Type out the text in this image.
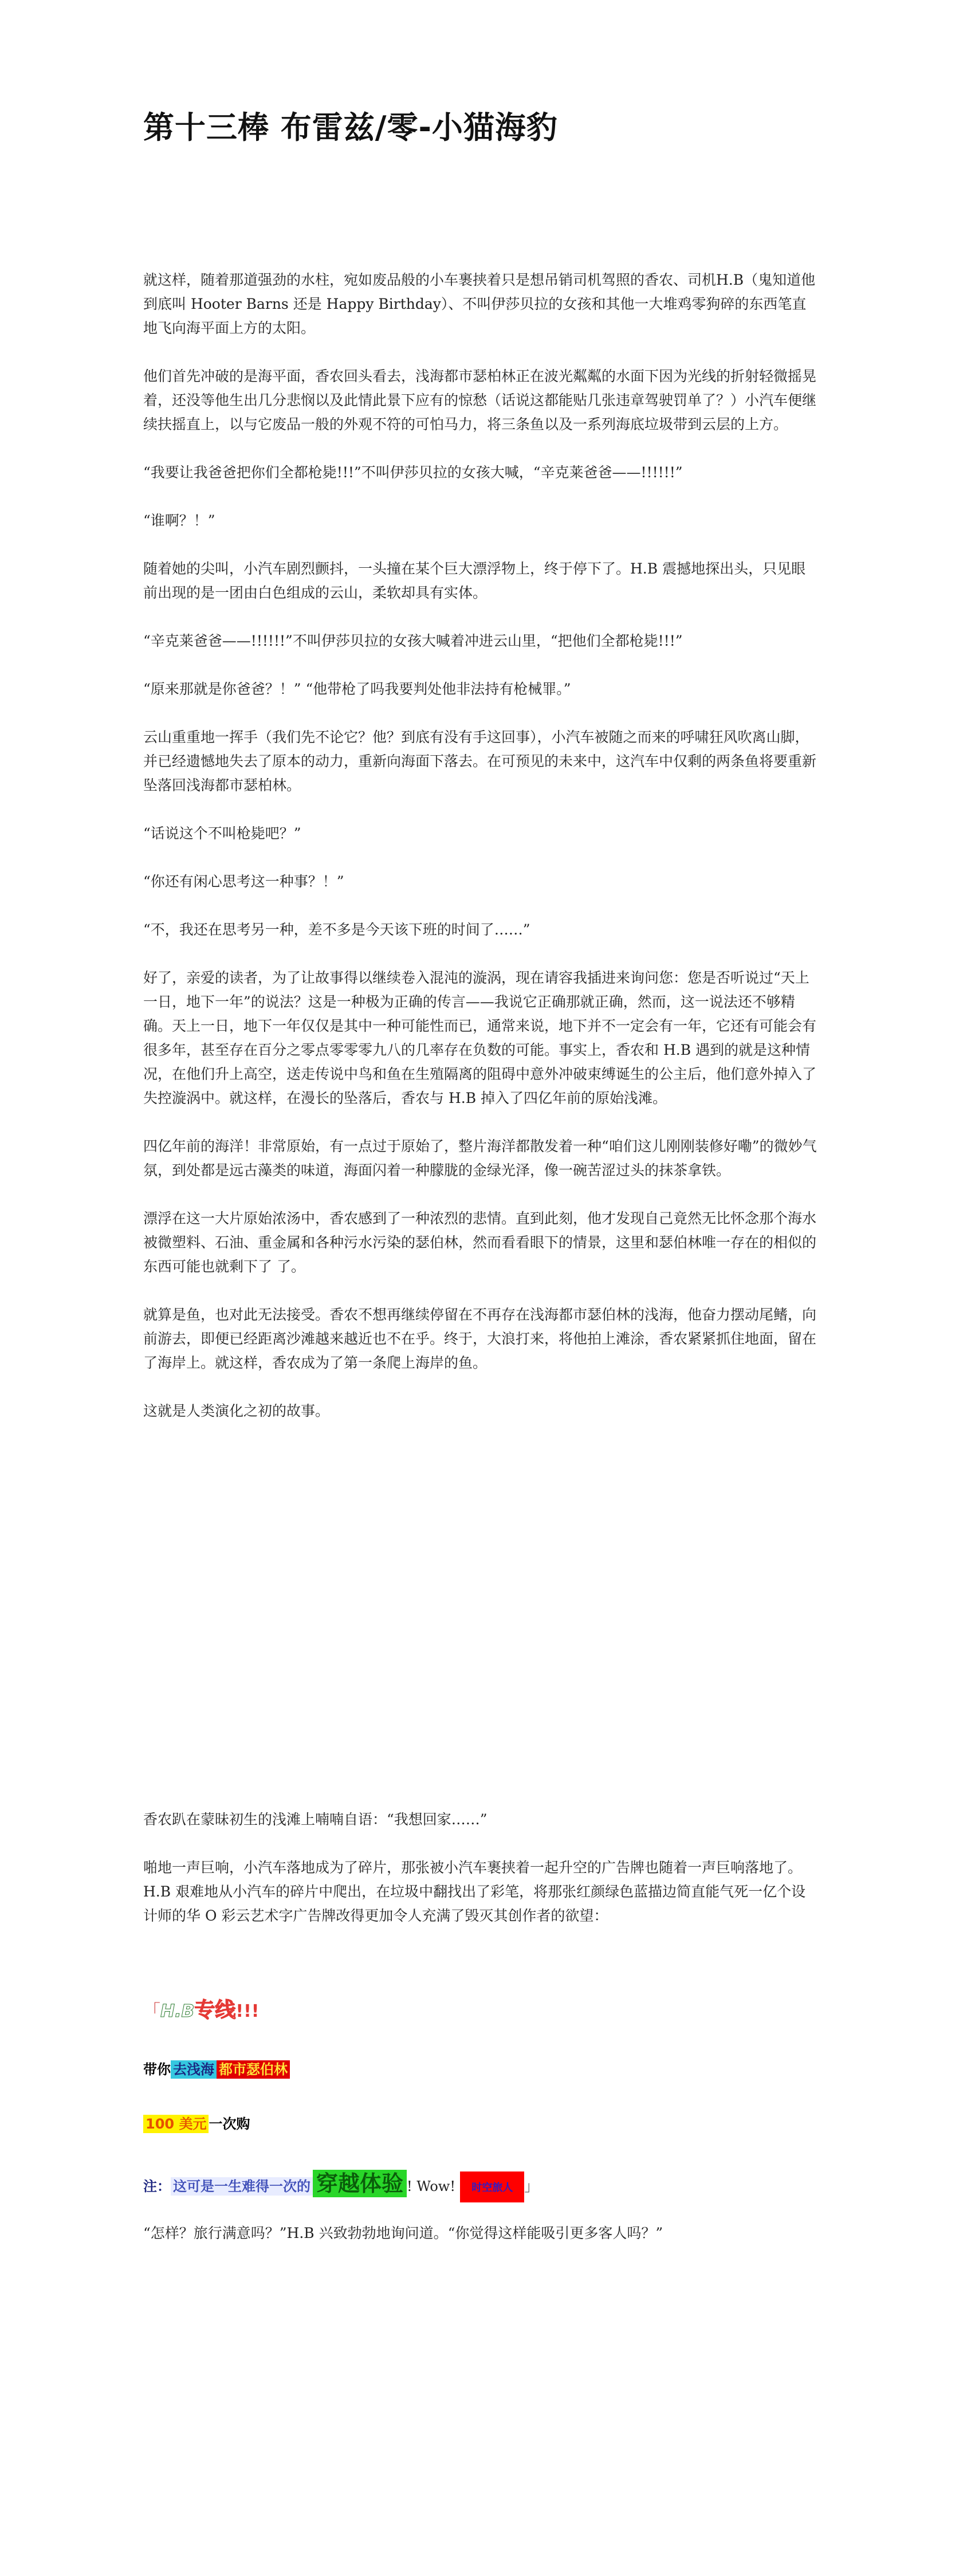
第十三棒 布雷兹/零-小猫海豹

就这样，随着那道强劲的水柱，宛如废品般的小车裹挟着只是想吊销司机驾照的香农、司机H.B（鬼知道他到底叫 Hooter Barns 还是 Happy Birthday）、不叫伊莎贝拉的女孩和其他一大堆鸡零狗碎的东西笔直地飞向海平面上方的太阳。

他们首先冲破的是海平面，香农回头看去，浅海都市瑟柏林正在波光粼粼的水面下因为光线的折射轻微摇晃着，还没等他生出几分悲悯以及此情此景下应有的惊愁（话说这都能贴几张违章驾驶罚单了？）小汽车便继续扶摇直上，以与它废品一般的外观不符的可怕马力，将三条鱼以及一系列海底垃圾带到云层的上方。

“我要让我爸爸把你们全都枪毙!!!”不叫伊莎贝拉的女孩大喊，“辛克莱爸爸——!!!!!!”

“谁啊？！”

随着她的尖叫，小汽车剧烈颤抖，一头撞在某个巨大漂浮物上，终于停下了。H.B 震撼地探出头，只见眼前出现的是一团由白色组成的云山，柔软却具有实体。

“辛克莱爸爸——!!!!!!”不叫伊莎贝拉的女孩大喊着冲进云山里，“把他们全都枪毙!!!”

“原来那就是你爸爸？！” “他带枪了吗我要判处他非法持有枪械罪。”

云山重重地一挥手（我们先不论它？他？到底有没有手这回事），小汽车被随之而来的呼啸狂风吹离山脚，并已经遗憾地失去了原本的动力，重新向海面下落去。在可预见的未来中，这汽车中仅剩的两条鱼将要重新坠落回浅海都市瑟柏林。

“话说这个不叫枪毙吧？”

“你还有闲心思考这一种事？！”

“不，我还在思考另一种，差不多是今天该下班的时间了……”

好了，亲爱的读者，为了让故事得以继续卷入混沌的漩涡，现在请容我插进来询问您：您是否听说过“天上一日，地下一年”的说法？这是一种极为正确的传言——我说它正确那就正确，然而，这一说法还不够精确。天上一日，地下一年仅仅是其中一种可能性而已，通常来说，地下并不一定会有一年，它还有可能会有很多年，甚至存在百分之零点零零零九八的几率存在负数的可能。事实上，香农和 H.B 遇到的就是这种情况，在他们升上高空，送走传说中鸟和鱼在生殖隔离的阻碍中意外冲破束缚诞生的公主后，他们意外掉入了失控漩涡中。就这样，在漫长的坠落后，香农与 H.B 掉入了四亿年前的原始浅滩。

四亿年前的海洋！非常原始，有一点过于原始了，整片海洋都散发着一种“咱们这儿刚刚装修好嘞”的微妙气氛，到处都是远古藻类的味道，海面闪着一种朦胧的金绿光泽，像一碗苦涩过头的抹茶拿铁。

漂浮在这一大片原始浓汤中，香农感到了一种浓烈的悲情。直到此刻，他才发现自己竟然无比怀念那个海水被微塑料、石油、重金属和各种污水污染的瑟伯林，然而看看眼下的情景，这里和瑟伯林唯一存在的相似的东西可能也就剩下了 了。

就算是鱼，也对此无法接受。香农不想再继续停留在不再存在浅海都市瑟伯林的浅海，他奋力摆动尾鳍，向前游去，即便已经距离沙滩越来越近也不在乎。终于，大浪打来，将他拍上滩涂，香农紧紧抓住地面，留在了海岸上。就这样，香农成为了第一条爬上海岸的鱼。

这就是人类演化之初的故事。

香农趴在蒙昧初生的浅滩上喃喃自语：“我想回家……”

啪地一声巨响，小汽车落地成为了碎片，那张被小汽车裹挟着一起升空的广告牌也随着一声巨响落地了。H.B 艰难地从小汽车的碎片中爬出，在垃圾中翻找出了彩笔，将那张红颜绿色蓝描边简直能气死一亿个设计师的华 O 彩云艺术字广告牌改得更加令人充满了毁灭其创作者的欲望：

「H.B专线!!!

带你 去浅海 都市瑟伯林

100 美元 一次购

注： 这可是一生难得一次的 穿越体验 ! Wow! 时空旅人 」

“怎样？旅行满意吗？”H.B 兴致勃勃地询问道。“你觉得这样能吸引更多客人吗？”
